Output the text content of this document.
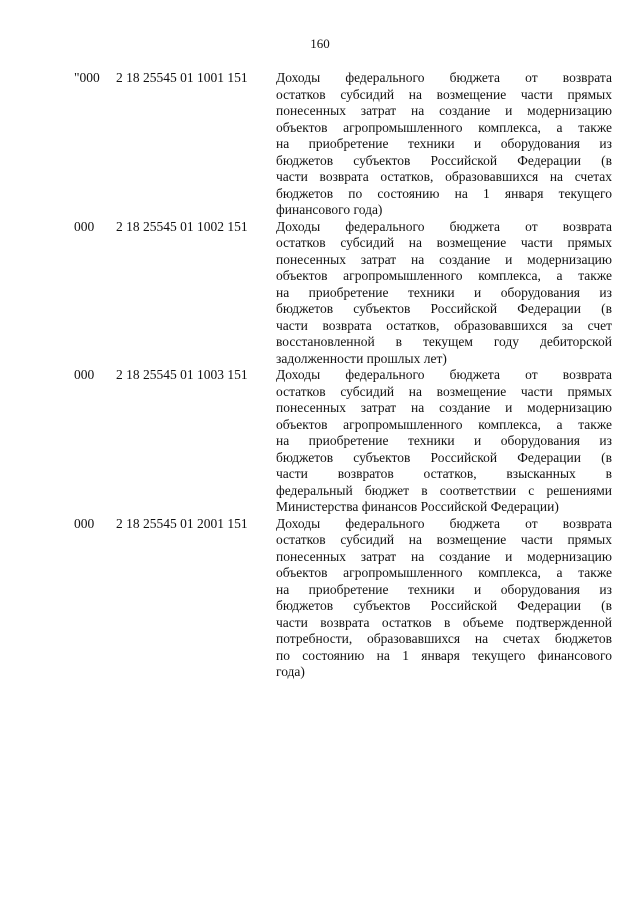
160
"000 2 18 25545 01 1001 151 Доходы федерального бюджета от возврата
остатков субсидий на возмещение части прямых
понесенных затрат на создание и модернизацию
объектов агропромышленного комплекса, а также
на приобретение техники и оборудования из
бюджетов субъектов Российской Федерации (в
части возврата остатков, образовавшихся на счетах
бюджетов по состоянию на 1 января текущего
финансового года)
000 2 18 25545 01 1002 151 Доходы федерального бюджета от возврата
остатков субсидий на возмещение части прямых
понесенных затрат на создание и модернизацию
объектов агропромышленного комплекса, а также
на приобретение техники и оборудования из
бюджетов субъектов Российской Федерации (в
части возврата остатков, образовавшихся за счет
восстановленной в текущем году дебиторской
задолженности прошлых лет)
000 2 18 25545 01 1003 151 Доходы федерального бюджета от возврата
остатков субсидий на возмещение части прямых
понесенных затрат на создание и модернизацию
объектов агропромышленного комплекса, а также
на приобретение техники и оборудования из
бюджетов субъектов Российской Федерации (в
части возвратов остатков, взысканных в
федеральный бюджет в соответствии с решениями
Министерства финансов Российской Федерации)
000 2 18 25545 01 2001 151 Доходы федерального бюджета от возврата
остатков субсидий на возмещение части прямых
понесенных затрат на создание и модернизацию
объектов агропромышленного комплекса, а также
на приобретение техники и оборудования из
бюджетов субъектов Российской Федерации (в
части возврата остатков в объеме подтвержденной
потребности, образовавшихся на счетах бюджетов
по состоянию на 1 января текущего финансового
года)
